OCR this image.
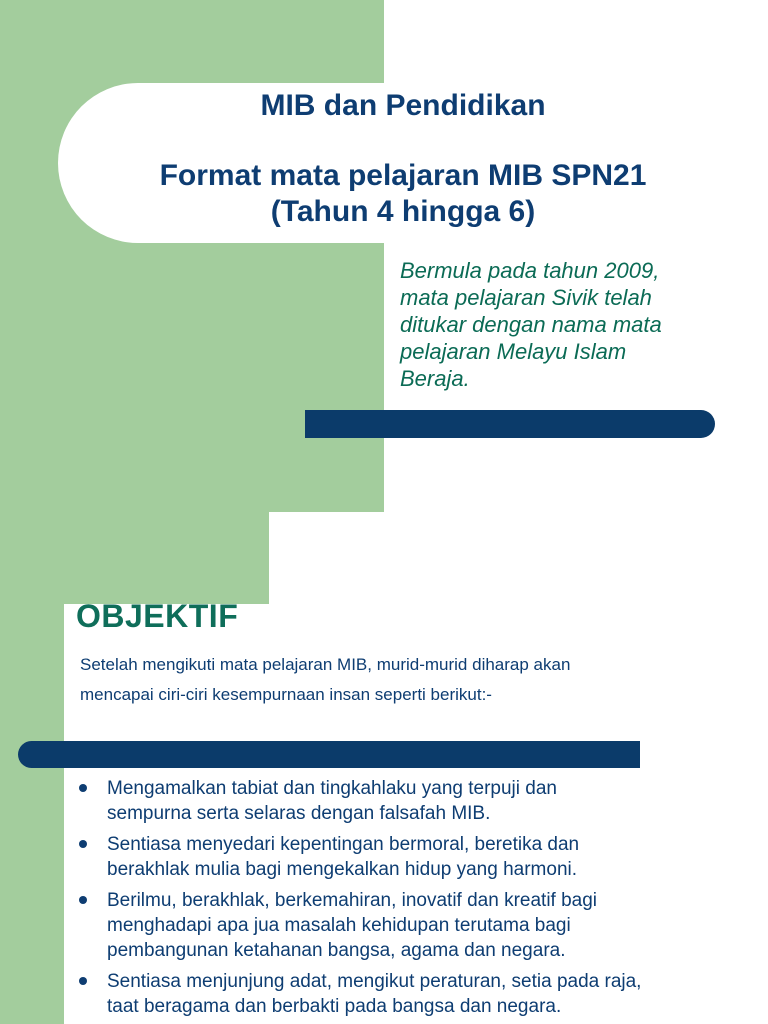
MIB dan Pendidikan
Format mata pelajaran MIB SPN21
(Tahun 4 hingga 6)
Bermula pada tahun 2009,
mata pelajaran Sivik telah
ditukar dengan nama mata
pelajaran Melayu Islam
Beraja.
OBJEKTIF
Setelah mengikuti mata pelajaran MIB, murid-murid diharap akan
mencapai ciri-ciri kesempurnaan insan seperti berikut:-
Mengamalkan tabiat dan tingkahlaku yang terpuji dan
sempurna serta selaras dengan falsafah MIB.
Sentiasa menyedari kepentingan bermoral, beretika dan
berakhlak mulia bagi mengekalkan hidup yang harmoni.
Berilmu, berakhlak, berkemahiran, inovatif dan kreatif bagi
menghadapi apa jua masalah kehidupan terutama bagi
pembangunan ketahanan bangsa, agama dan negara.
Sentiasa menjunjung adat, mengikut peraturan, setia pada raja,
taat beragama dan berbakti pada bangsa dan negara.
